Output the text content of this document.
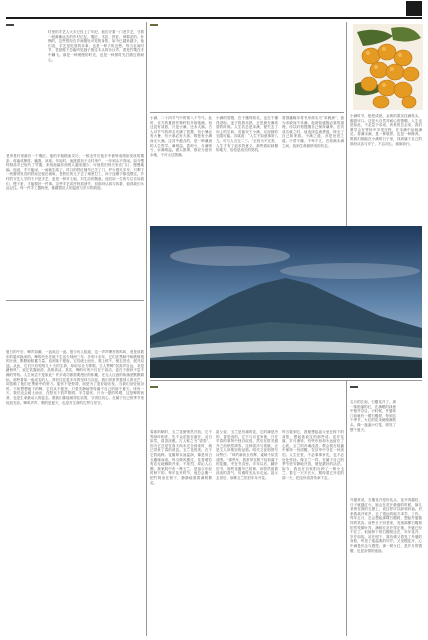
村里的手艺人大多已经上了年纪，他们守着一门老手艺，守着一段渐渐远去的乡村记忆。篾匠、木匠、铁匠、弹棉花的、补锅的，这些曾经在乡间随处可见的身影，如今已越来越少。他们说，手艺是吃饭的本事，也是一辈子的念想。每当农闲时节，老屋檐下总能听见刨子推过木头的沙沙声，看见竹篾在手中翻飞。那是一种缓慢的时光，也是一种被时光打磨过的耐心。
老李是村里最后一个篾匠。他的手粗糙而灵巧，一根毛竹在他手中被劈成细如发丝的篾条，再编成箩筐、簸箕、凉席。年轻时，他挑着担子走村串户，一年到头不得闲。如今塑料制品早已取代了竹器，来找他编东西的人越来越少，可他依旧每天坐在门口，慢慢地编。他说，手不能闲，一闲就生疏了。村口的铁匠铺早已关了门，炉火熄灭多年，只剩下一块磨得发亮的铁砧还留在墙角。老铁匠的儿子去了城里打工，孙子连锤子都没摸过。乡村的守艺人守的不只是手艺，更是一种对土地、对生活的敬意。他们用一生的专注告诉我们，慢下来，才能做好一件事。这些手艺或许终将消失，但那份认真与执着，值得我们永远记住。每一件手工器物里，都藏着匠人的温度与岁月的痕迹。
夏日的午后，蝉声如潮，一浪高过一浪。很少有人知道，这一声声嘹亮的鸣叫，竟是用数年的蛰伏换来的。蝉的幼虫在地下生活少则两三年，多则十余年，它们在黑暗中吮吸树根的汁液，默默地积蓄力量。直到某个夏夜，它们破土而出，爬上树干，蜕去旧壳，展开双翅。从此，它们只有短短几十天的生命，却用尽全力歌唱。古人赞蝉“居高声自远，非是藉秋风”，说它饮露而清，品格高洁。其实，蝉的可贵不仅在于高洁，更在于那份不急不躁的等待。人生何尝不是如此？许多成功都需要漫长的积累，在无人注意的角落里默默耕耘。那些看似一夜成名的人，背后往往是多年的坚持与沉淀。我们常常羡慕别人的光芒，却忽略了他们在黑暗中的努力。蛰伏不是停滞，而是为了更好地出发。当我们身处低谷时，不妨想想地下的蝉，它们从不抱怨，只是安静地等待属于自己的那个夏天。终有一天，我们也会破土而出，在阳光下放声歌唱。半生蛰伏，只为一夏的鸣唱，这是蝉的宿命，也是生命最动人的姿态。愿我们都能耐得住寂寞，守得住初心，在属于自己的季节里绽放光彩。蝉鸣声声，唱的是夏天，也是对生命的礼赞与坚守。
小满，二十四节气中的第八个节气。此时，北方的夏熟作物籽粒开始饱满，但还没有成熟，只是小满，还未大满。古人对节气的命名充满了智慧，有小暑必有大暑，有小寒必有大寒，唯独有小满而无大满。这其中蕴含的，是一种谦逊的人生哲学。满则溢，盈则亏，月满则亏，水满则溢。做人做事，都应当留有余地，不可太过圆满。
小满的智慧，在于懂得知足，也在于懂得进取。麦子将熟未熟，正是最充满希望的时候。人生若总是求满，便失去了向上的空间；若能安于小满，反而拥有无限可能。苏轼说：“人生不如意事常八九，可与人言无二三。”正因为不完美，人生才有了追求的意义。那些看似缺憾的地方，恰恰是成长的契机。
曾国藩晚年将书房命名为“求阙斋”，意为求缺而不求满。他深知盛极必衰的道理，所以时刻提醒自己保持谦卑。在功成名就之时，他选择急流勇退，保全了自己和家族。小满之道，亦是处世之道。不骄不躁，不卑不亢，在将满未满之间，找到生命最舒适的状态。
小满时节，枇杷成熟，金黄的果实挂满枝头，酸甜可口。这是大自然对耐心的馈赠。人生也是如此，不必急于求成，该来的总会来。我们要学会在等待中享受过程，在未满中品味满足。将满未满，是一种境界，也是一种修养。愿我们都能在小满的日子里，找到属于自己的那份从容与安宁，不忘初心，砥砺前行。
春寒料峭时，玉兰花便悄然开放。它不等绿叶相伴，先于众花独自盛开，洁白如雪，清香淡雅。古人称之为“望春”，因为它总是在春天尚未完全到来时，就已带来了春的消息。玉兰花的美，在于它的纯粹。花瓣厚实而温润，像是用白玉雕琢而成。每当微风拂过，花香便若有若无地飘散开来，不浓烈，却沁人心脾。我家院中有一株玉兰，是祖父年轻时种下的。每年花开时节，他总会搬一把竹椅坐在树下，静静地看着满树繁花。
祖父说，玉兰是有魂的花，它的魂是冷的，香是浅的。它不与百花争艳，只在早春的寒风中独自绽放，然后在群芳盛开之前悄然凋零。这种清冷与孤傲，正是文人所推崇的品格。明代文征明曾写诗赞曰：“绰约新妆玉有辉，素娥千队雪成围。”那些年，我常常在树下捡拾落下的花瓣，夹在书页里。多年以后，翻开旧书，那些花瓣早已枯黄，却依然留着淡淡的香气，仿佛时光从未走远。祖父去世后，那株玉兰依旧年年开花。
每当看到它，我便想起祖父坐在树下的身影，想起他说过的那些话。花开花落，岁月流转，有些东西却永远留在了心底。玉兰的冷魂浅香，教会我在喧嚣中保持一份清醒，在浮华中守住一份淡泊。人生在世，不必事事争先，也不必处处张扬。像玉兰一样，在属于自己的季节里安静地开放，便是最好的活法。如今，我也在自家阳台种了一株小玉兰，看它一天天长大，期待着它开花的那一天，把这份清香传承下去。
五月的江南，石榴花开了。那一抹艳丽的红，在满眼的绿意中格外夺目。小时候，外婆家门前就有一棵石榴树，每到这个季节，火红的花朵便缀满枝头，像一盏盏小灯笼，照亮了整个夏天。
外婆常说，石榴花开是好兆头，花开得越旺，日子就越红火。她会在花开最盛的时候，摘几朵别在我的衣襟上，说这样可以辟邪祈福。后来我离开家乡，去了很远的地方求学、工作。每年五月，总会想起那棵石榴树，想起外婆慈祥的笑容。前些日子回老家，发现那棵石榴树依然枝繁叶茂，满树红花开得正艳。外婆已经不在了，但她种下的石榴树还在，年年花开，岁岁如故。站在树下，我仿佛又看见了外婆的身影，听见了她温柔的叮咛。又见榴花开，心中满是怀念与感恩。那一树火红，是岁月的馈赠，也是亲情的延续。
